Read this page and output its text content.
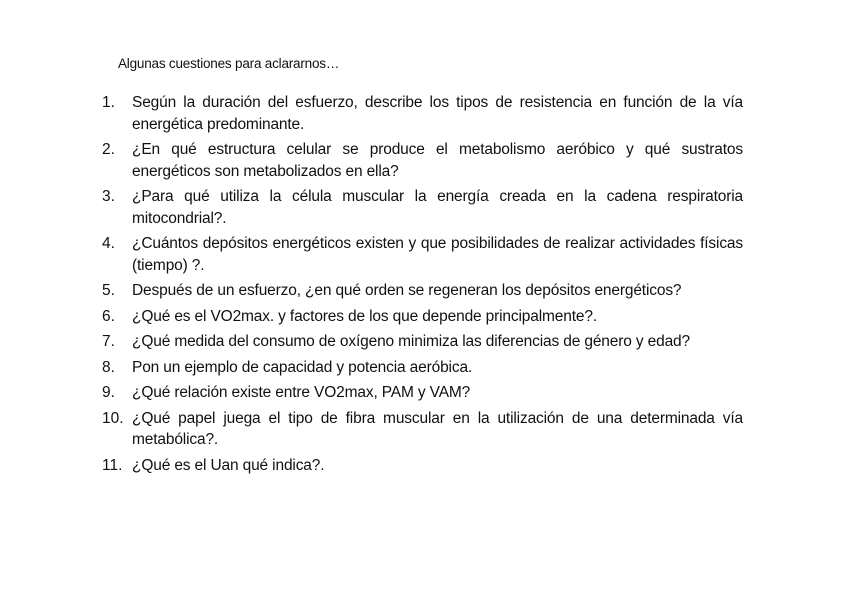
Algunas cuestiones para aclararnos…
1.	Según la duración del esfuerzo, describe los tipos de resistencia en función de la vía energética predominante.
2.	¿En qué estructura celular se produce el metabolismo aeróbico y qué sustratos energéticos son metabolizados en ella?
3.	¿Para qué utiliza la célula muscular la energía creada en la cadena respiratoria mitocondrial?.
4.	¿Cuántos depósitos energéticos existen y que posibilidades de realizar actividades físicas (tiempo) ?.
5.	Después de un esfuerzo, ¿en qué orden se regeneran los depósitos energéticos?
6.	¿Qué es el VO2max. y factores de los que depende principalmente?.
7.	¿Qué medida del consumo de oxígeno minimiza las diferencias de género y edad?
8.	Pon un ejemplo de capacidad y potencia aeróbica.
9.	¿Qué relación existe entre VO2max, PAM y VAM?
10. ¿Qué papel juega el tipo de fibra muscular en la utilización de una determinada vía metabólica?.
11. ¿Qué es el Uan qué indica?.
